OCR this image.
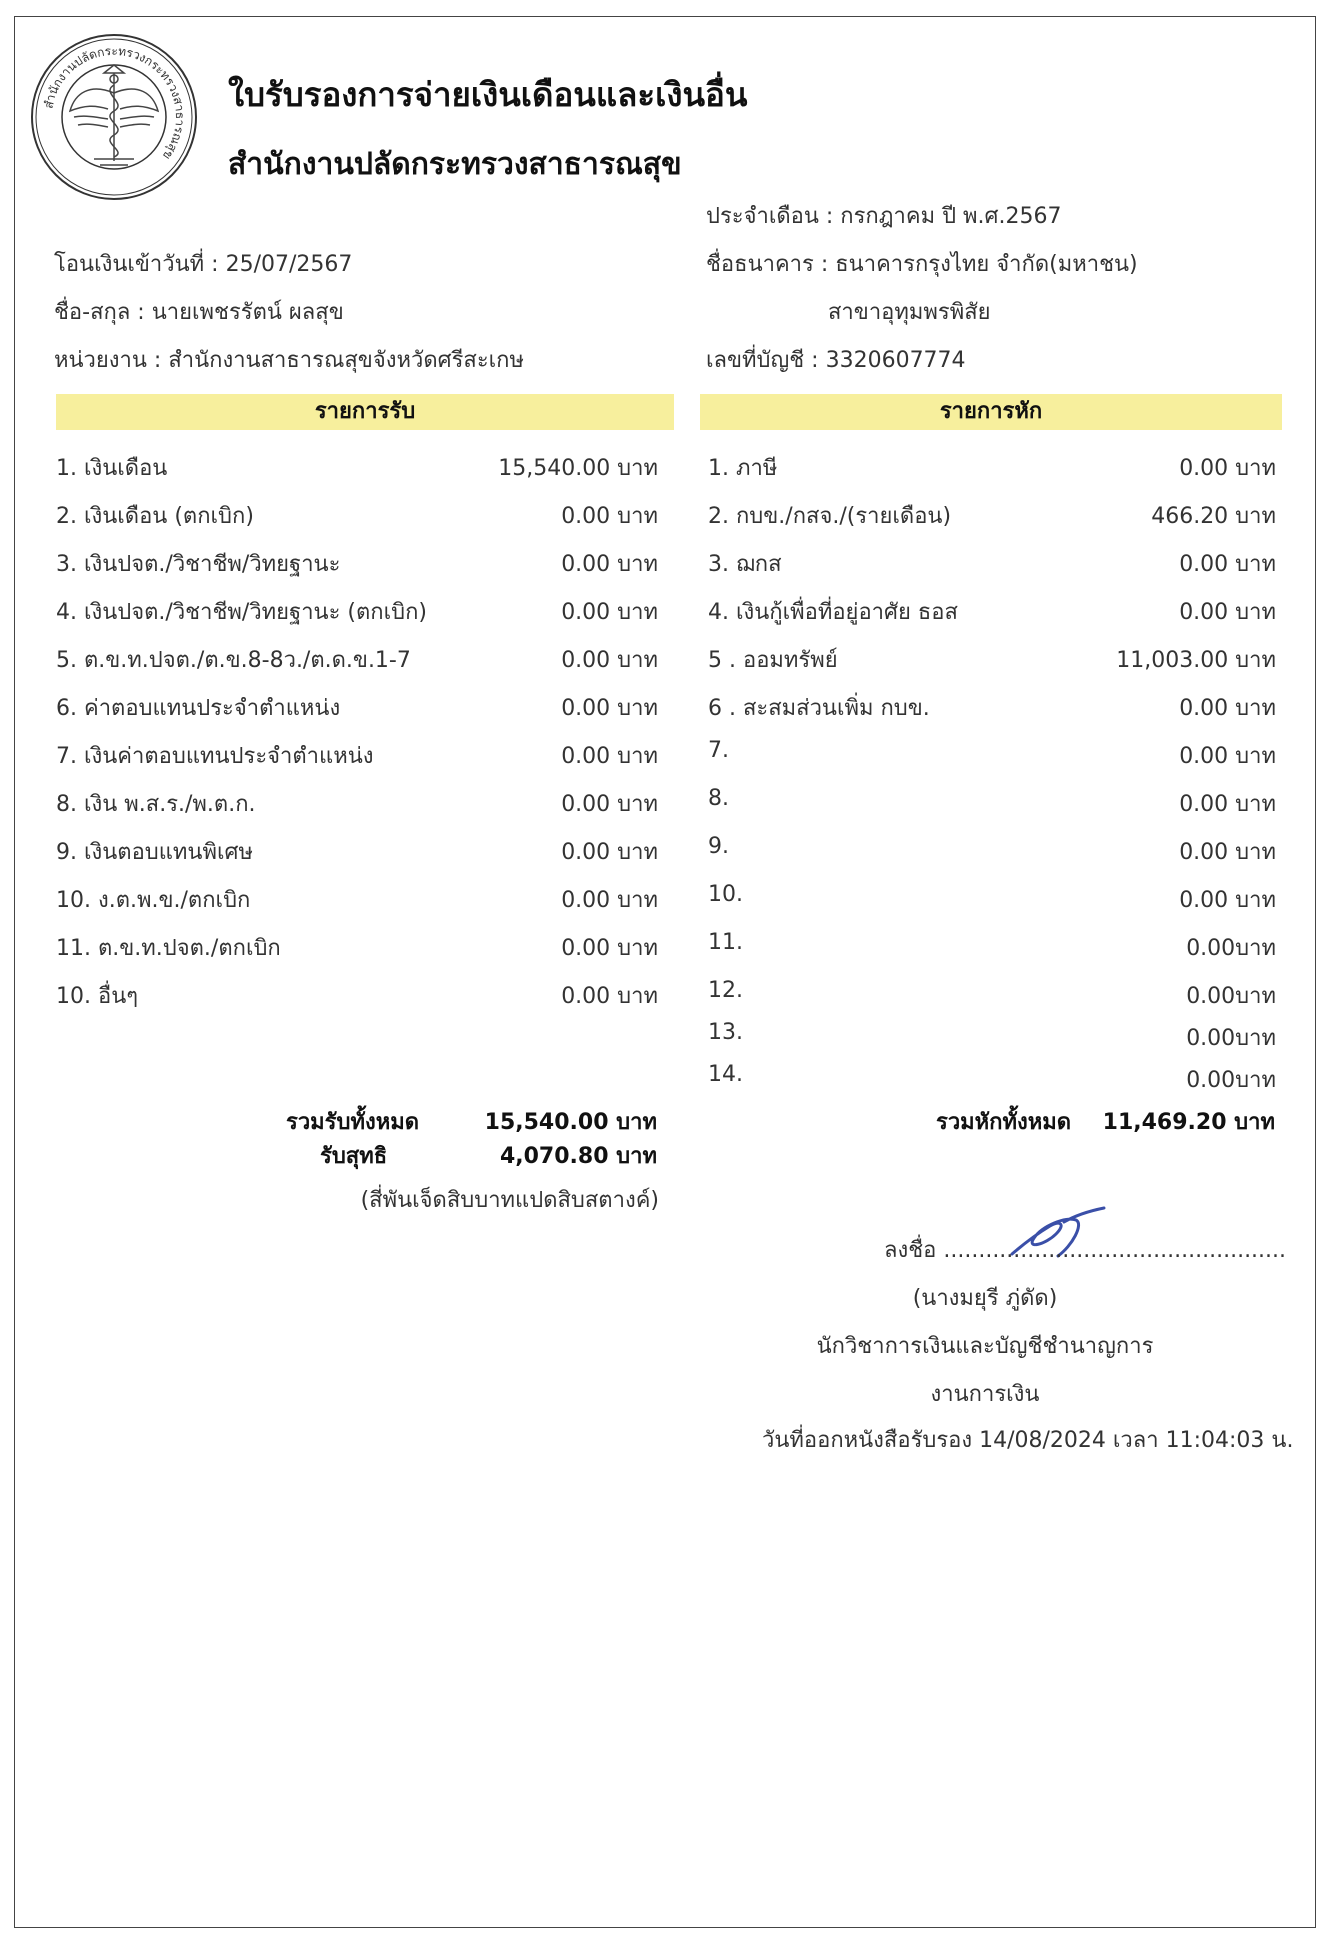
สำนักงานปลัดกระทรวงกระทรวงสาธารณสุข
ใบรับรองการจ่ายเงินเดือนและเงินอื่น
สำนักงานปลัดกระทรวงสาธารณสุข
ประจำเดือน : กรกฎาคม ปี พ.ศ.2567
โอนเงินเข้าวันที่ : 25/07/2567	ชื่อธนาคาร : ธนาคารกรุงไทย จำกัด(มหาชน)
ชื่อ-สกุล : นายเพชรรัตน์ ผลสุข	สาขาอุทุมพรพิสัย
หน่วยงาน : สำนักงานสาธารณสุขจังหวัดศรีสะเกษ	เลขที่บัญชี : 3320607774
รายการรับ	รายการหัก
1. เงินเดือน	15,540.00 บาท
2. เงินเดือน (ตกเบิก)	0.00 บาท
3. เงินปจต./วิชาชีพ/วิทยฐานะ	0.00 บาท
4. เงินปจต./วิชาชีพ/วิทยฐานะ (ตกเบิก)	0.00 บาท
5. ต.ข.ท.ปจต./ต.ข.8-8ว./ต.ด.ข.1-7	0.00 บาท
6. ค่าตอบแทนประจำตำแหน่ง	0.00 บาท
7. เงินค่าตอบแทนประจำตำแหน่ง	0.00 บาท
8. เงิน พ.ส.ร./พ.ต.ก.	0.00 บาท
9. เงินตอบแทนพิเศษ	0.00 บาท
10. ง.ต.พ.ข./ตกเบิก	0.00 บาท
11. ต.ข.ท.ปจต./ตกเบิก	0.00 บาท
10. อื่นๆ	0.00 บาท
1. ภาษี	0.00 บาท
2. กบข./กสจ./(รายเดือน)	466.20 บาท
3. ฌกส	0.00 บาท
4. เงินกู้เพื่อที่อยู่อาศัย ธอส	0.00 บาท
5 . ออมทรัพย์	11,003.00 บาท
6 . สะสมส่วนเพิ่ม กบข.	0.00 บาท
7.	0.00 บาท
8.	0.00 บาท
9.	0.00 บาท
10.	0.00 บาท
11.	0.00บาท
12.	0.00บาท
13.	0.00บาท
14.	0.00บาท
รวมรับทั้งหมด	15,540.00 บาท
รับสุทธิ	4,070.80 บาท
(สี่พันเจ็ดสิบบาทแปดสิบสตางค์)
รวมหักทั้งหมด 11,469.20 บาท
ลงชื่อ .................................................
(นางมยุรี ภู่ดัด)
นักวิชาการเงินและบัญชีชำนาญการ
งานการเงิน
วันที่ออกหนังสือรับรอง 14/08/2024 เวลา 11:04:03 น.
